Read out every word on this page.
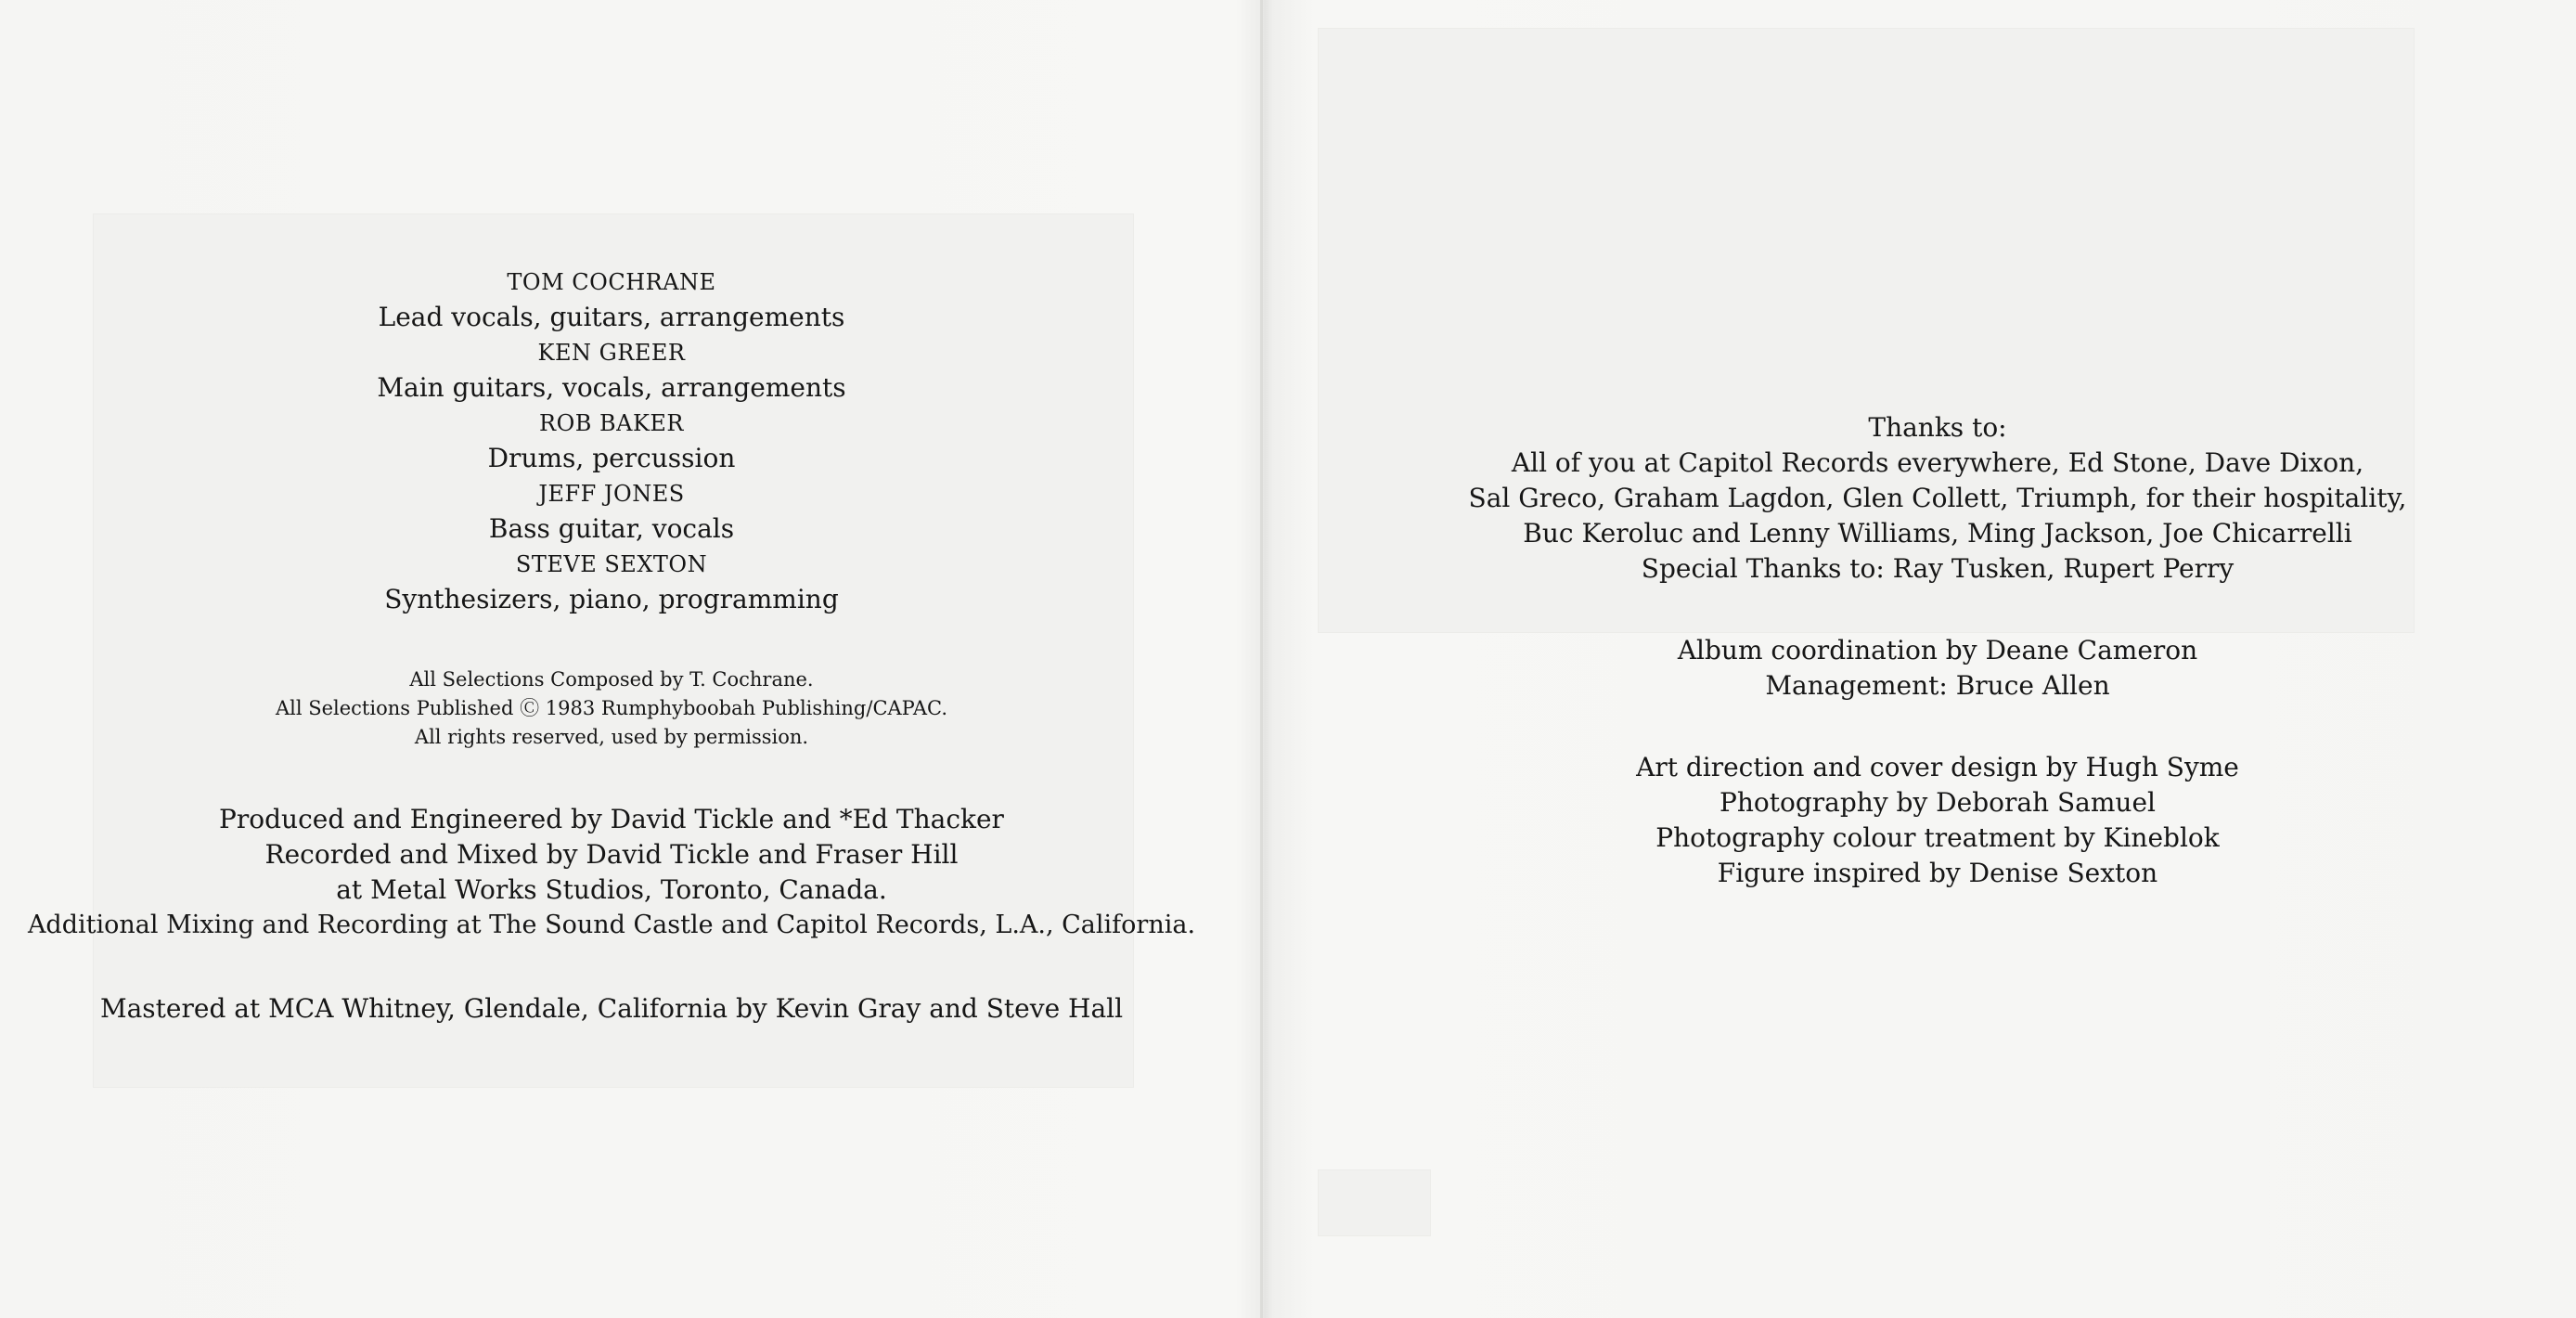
TOM COCHRANE
Lead vocals, guitars, arrangements
KEN GREER
Main guitars, vocals, arrangements
ROB BAKER
Drums, percussion
JEFF JONES
Bass guitar, vocals
STEVE SEXTON
Synthesizers, piano, programming
All Selections Composed by T. Cochrane.
All Selections Published Ⓒ 1983 Rumphyboobah Publishing/CAPAC.
All rights reserved, used by permission.
Produced and Engineered by David Tickle and *Ed Thacker
Recorded and Mixed by David Tickle and Fraser Hill
at Metal Works Studios, Toronto, Canada.
Additional Mixing and Recording at The Sound Castle and Capitol Records, L.A., California.
Mastered at MCA Whitney, Glendale, California by Kevin Gray and Steve Hall
Thanks to:
All of you at Capitol Records everywhere, Ed Stone, Dave Dixon,
Sal Greco, Graham Lagdon, Glen Collett, Triumph, for their hospitality,
Buc Keroluc and Lenny Williams, Ming Jackson, Joe Chicarrelli
Special Thanks to: Ray Tusken, Rupert Perry
Album coordination by Deane Cameron
Management: Bruce Allen
Art direction and cover design by Hugh Syme
Photography by Deborah Samuel
Photography colour treatment by Kineblok
Figure inspired by Denise Sexton
